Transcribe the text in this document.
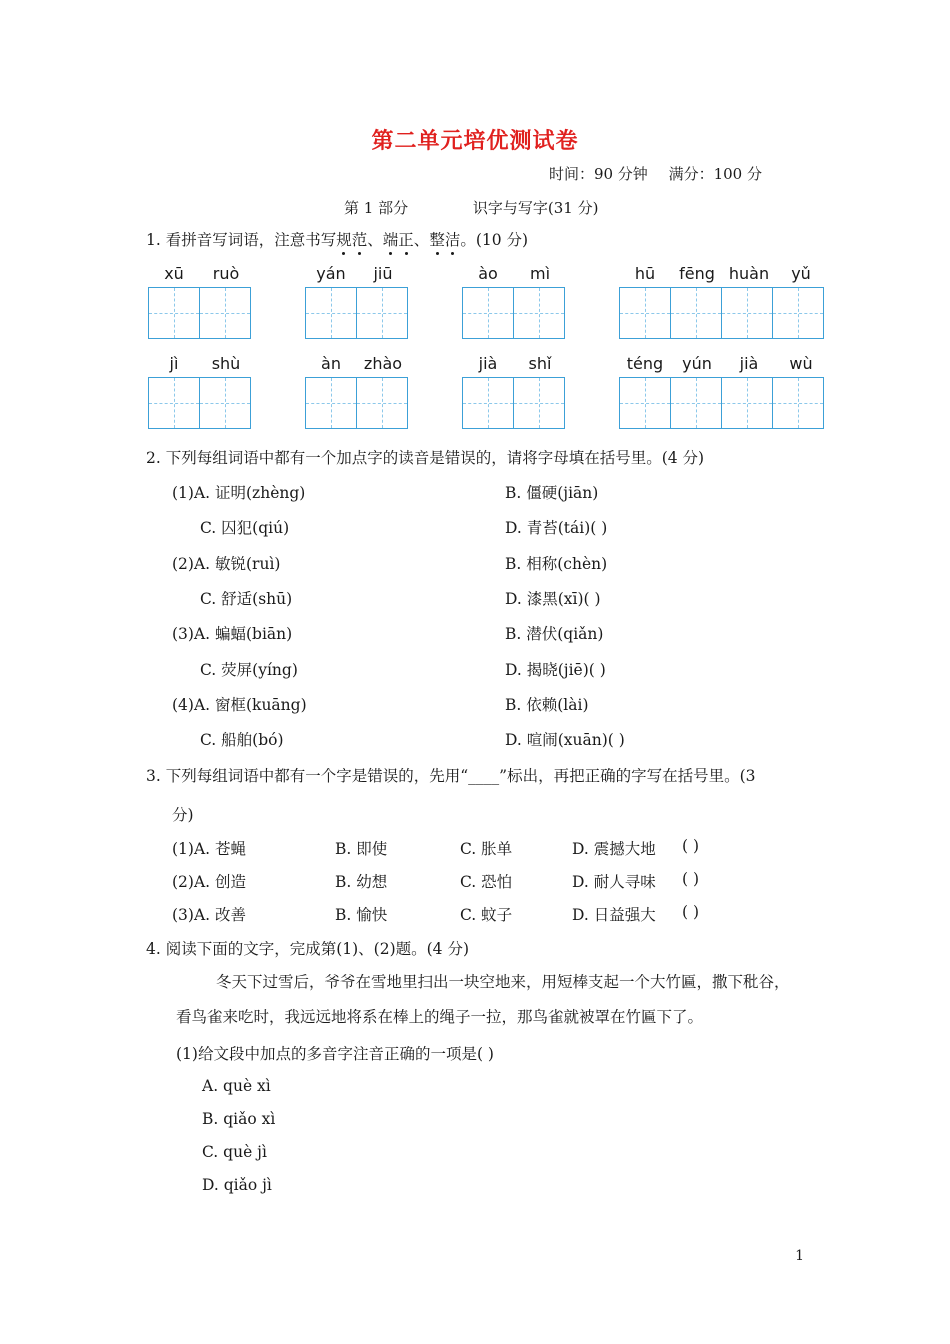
第二单元培优测试卷
时间：90 分钟 满分：100 分
第 1 部分	识字与写字(31 分)
1. 看拼音写词语，注意书写规范、端正、整洁。(10 分)
xū	ruò	yán	jiū	ào	mì	hū	fēng huàn	yǔ
jì	shù	àn	zhào	jià	shǐ	téng	yún	jià	wù
2. 下列每组词语中都有一个加点字的读音是错误的，请将字母填在括号里。(4 分)
(1)A. 证明(zhèng)	B. 僵硬(jiān)
C. 囚犯(qiú)	D. 青苔(tái)( )
(2)A. 敏锐(ruì)	B. 相称(chèn)
C. 舒适(shū)	D. 漆黑(xī)( )
(3)A. 蝙蝠(biān)	B. 潜伏(qiǎn)
C. 荧屏(yíng)	D. 揭晓(jiē)( )
(4)A. 窗框(kuāng)	B. 依赖(lài)
C. 船舶(bó)	D. 喧闹(xuān)( )
3. 下列每组词语中都有一个字是错误的，先用“____”标出，再把正确的字写在括号里。(3
分)
(1)A. 苍蝇	B. 即使	C. 胀单	D. 震撼大地 ( )
(2)A. 创造	B. 幼想	C. 恐怕	D. 耐人寻味 ( )
(3)A. 改善	B. 愉快	C. 蚊子	D. 日益强大 ( )
4. 阅读下面的文字，完成第(1)、(2)题。(4 分)
冬天下过雪后，爷爷在雪地里扫出一块空地来，用短棒支起一个大竹匾，撒下秕谷，
看鸟雀来吃时，我远远地将系在棒上的绳子一拉，那鸟雀就被罩在竹匾下了。
(1)给文段中加点的多音字注音正确的一项是( )
A. què xì
B. qiǎo xì
C. què jì
D. qiǎo jì
1
